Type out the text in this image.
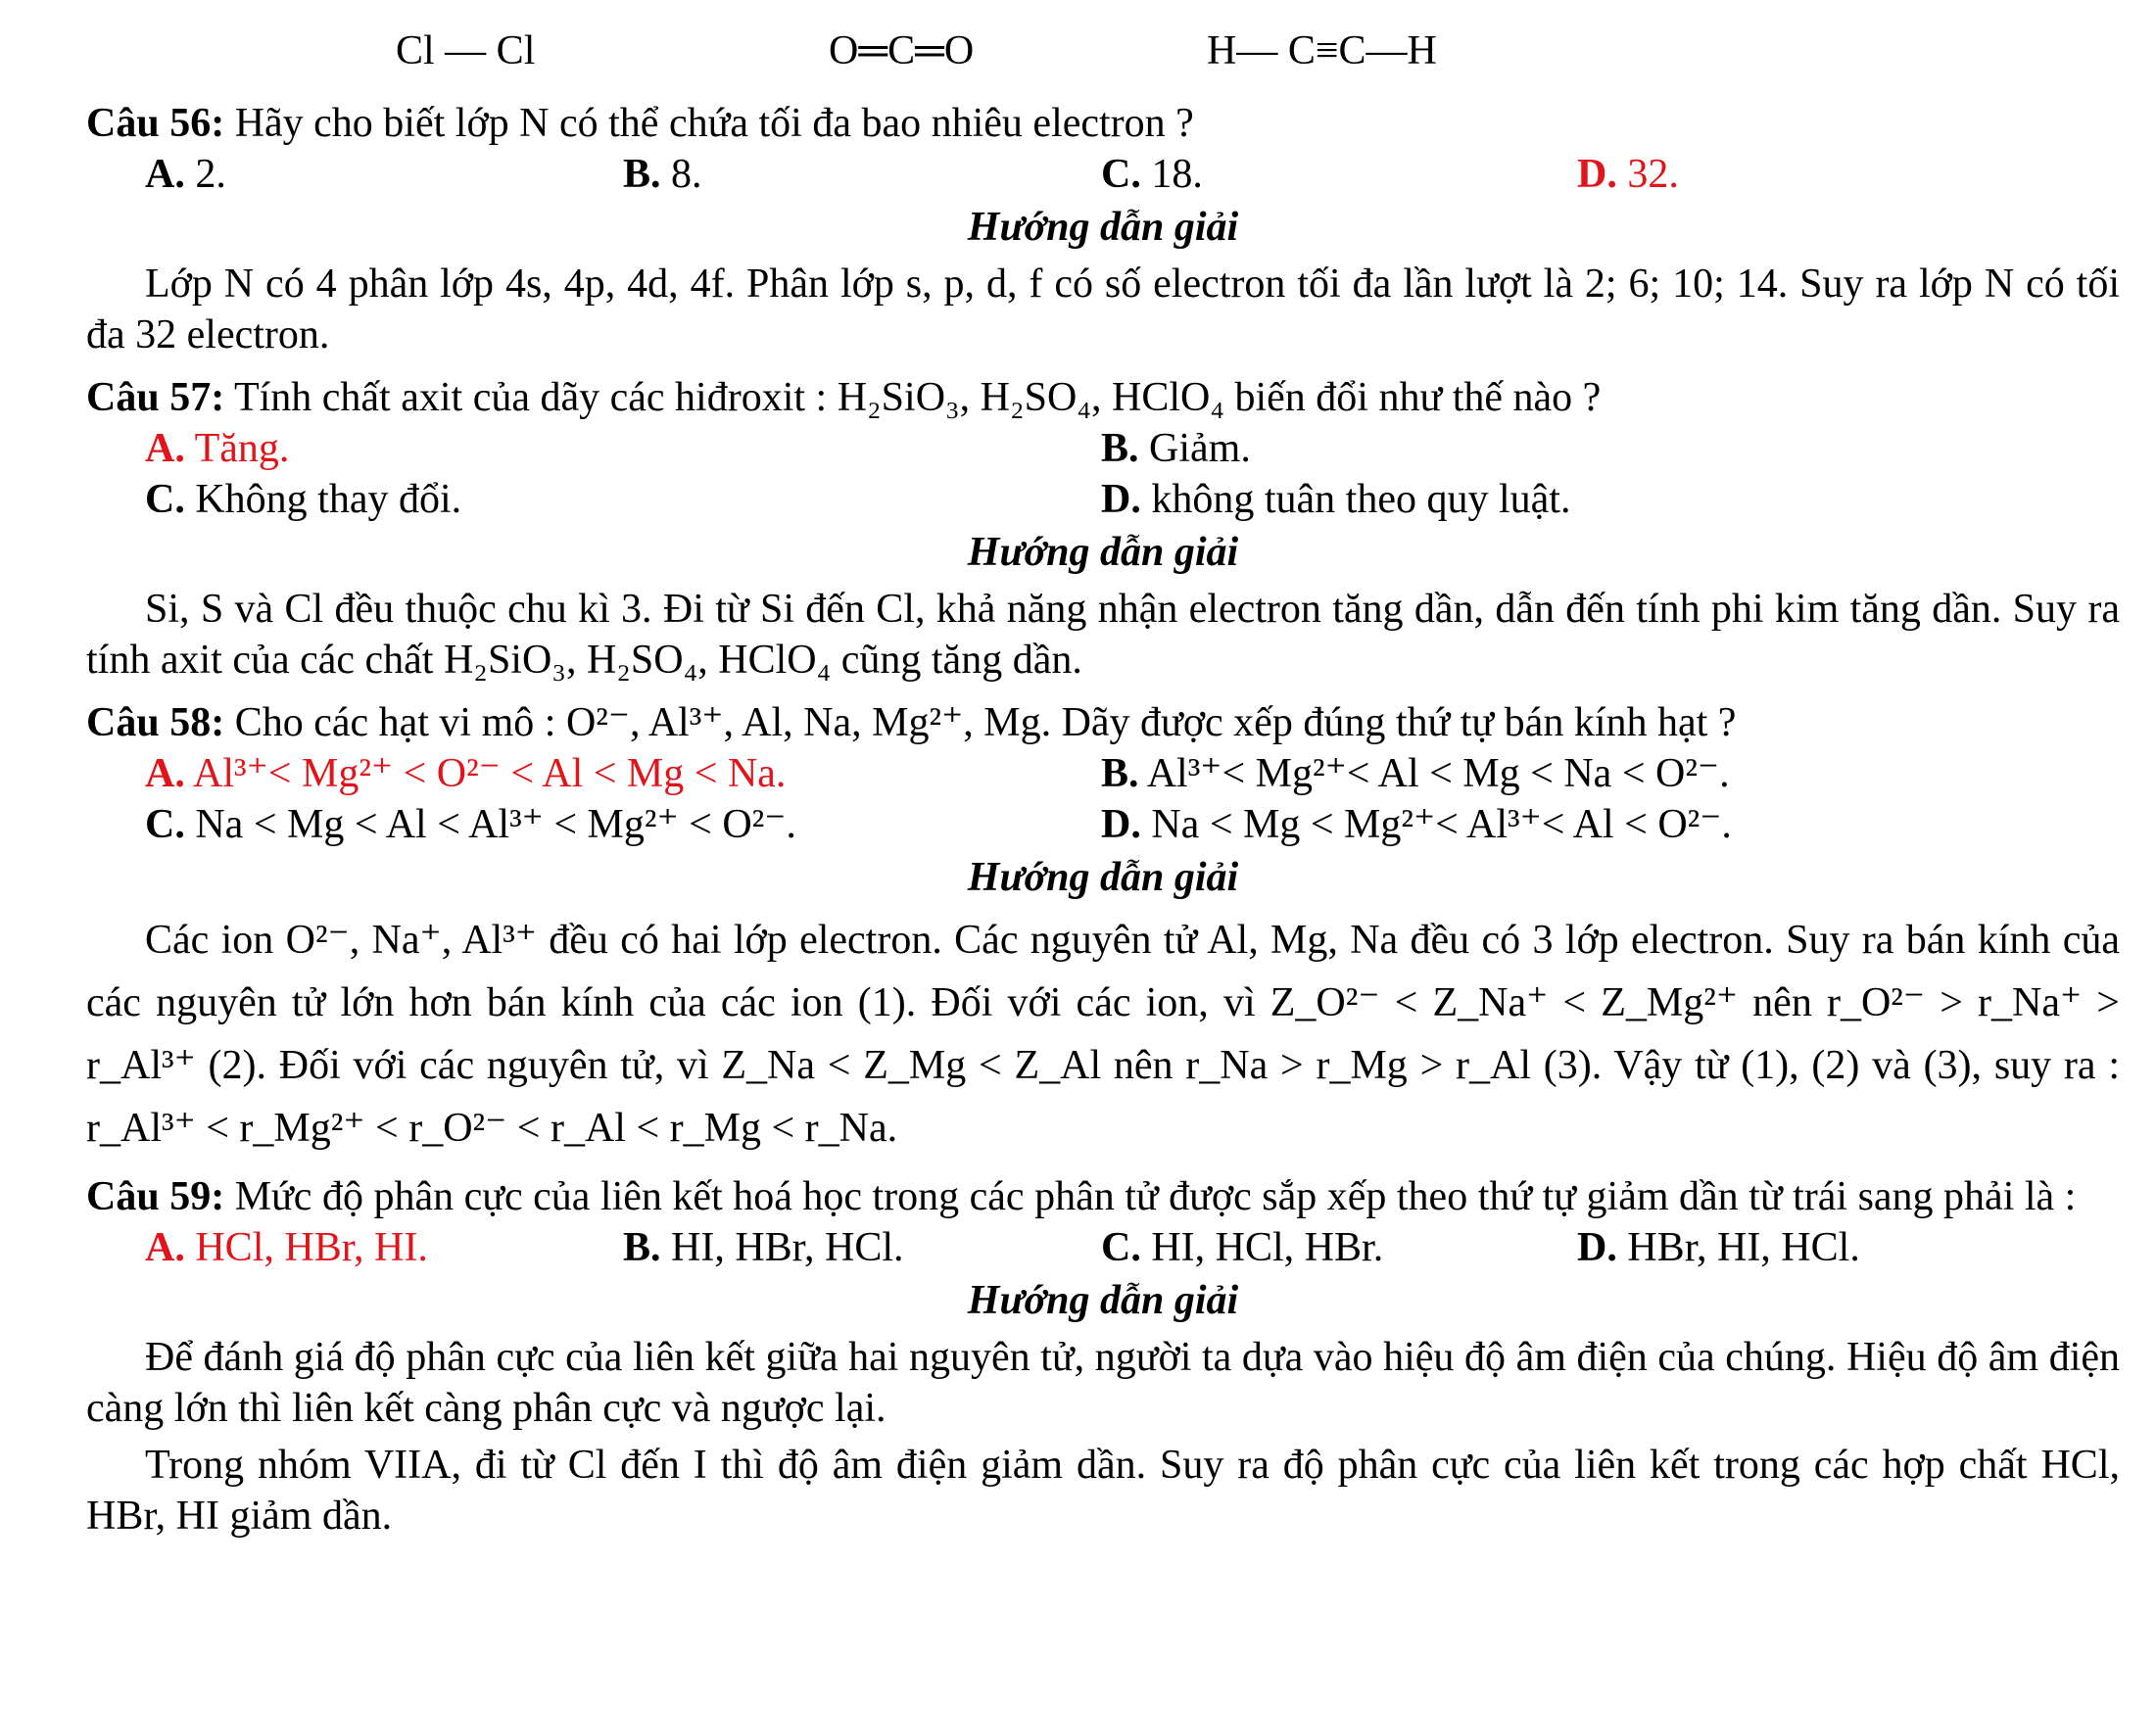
Cl — Cl	O═C═O	H— C≡C—H

Câu 56: Hãy cho biết lớp N có thể chứa tối đa bao nhiêu electron ?

A. 2.	B. 8.	C. 18.	D. 32.
Hướng dẫn giải

Lớp N có 4 phân lớp 4s, 4p, 4d, 4f. Phân lớp s, p, d, f có số electron tối đa lần lượt là 2; 6; 10; 14. Suy ra lớp N có tối đa 32 electron.

Câu 57: Tính chất axit của dãy các hiđroxit : H₂SiO₃, H₂SO₄, HClO₄ biến đổi như thế nào ?

A. Tăng.	B. Giảm.
C. Không thay đổi.	D. không tuân theo quy luật.
Hướng dẫn giải

Si, S và Cl đều thuộc chu kì 3. Đi từ Si đến Cl, khả năng nhận electron tăng dần, dẫn đến tính phi kim tăng dần. Suy ra tính axit của các chất H₂SiO₃, H₂SO₄, HClO₄ cũng tăng dần.

Câu 58: Cho các hạt vi mô : O²⁻, Al³⁺, Al, Na, Mg²⁺, Mg. Dãy được xếp đúng thứ tự bán kính hạt ?

A. Al³⁺< Mg²⁺ < O²⁻ < Al < Mg < Na.	B. Al³⁺< Mg²⁺< Al < Mg < Na < O²⁻.
C. Na < Mg < Al < Al³⁺ < Mg²⁺ < O²⁻.	D. Na < Mg < Mg²⁺< Al³⁺< Al < O²⁻.
Hướng dẫn giải

Các ion O²⁻, Na⁺, Al³⁺ đều có hai lớp electron. Các nguyên tử Al, Mg, Na đều có 3 lớp electron. Suy ra bán kính của các nguyên tử lớn hơn bán kính của các ion (1). Đối với các ion, vì Z_O²⁻ < Z_Na⁺ < Z_Mg²⁺ nên r_O²⁻ > r_Na⁺ > r_Al³⁺ (2). Đối với các nguyên tử, vì Z_Na < Z_Mg < Z_Al nên r_Na > r_Mg > r_Al (3). Vậy từ (1), (2) và (3), suy ra : r_Al³⁺ < r_Mg²⁺ < r_O²⁻ < r_Al < r_Mg < r_Na.

Câu 59: Mức độ phân cực của liên kết hoá học trong các phân tử được sắp xếp theo thứ tự giảm dần từ trái sang phải là :

A. HCl, HBr, HI.	B. HI, HBr, HCl.	C. HI, HCl, HBr.	D. HBr, HI, HCl.
Hướng dẫn giải

Để đánh giá độ phân cực của liên kết giữa hai nguyên tử, người ta dựa vào hiệu độ âm điện của chúng. Hiệu độ âm điện càng lớn thì liên kết càng phân cực và ngược lại.

Trong nhóm VIIA, đi từ Cl đến I thì độ âm điện giảm dần. Suy ra độ phân cực của liên kết trong các hợp chất HCl, HBr, HI giảm dần.
